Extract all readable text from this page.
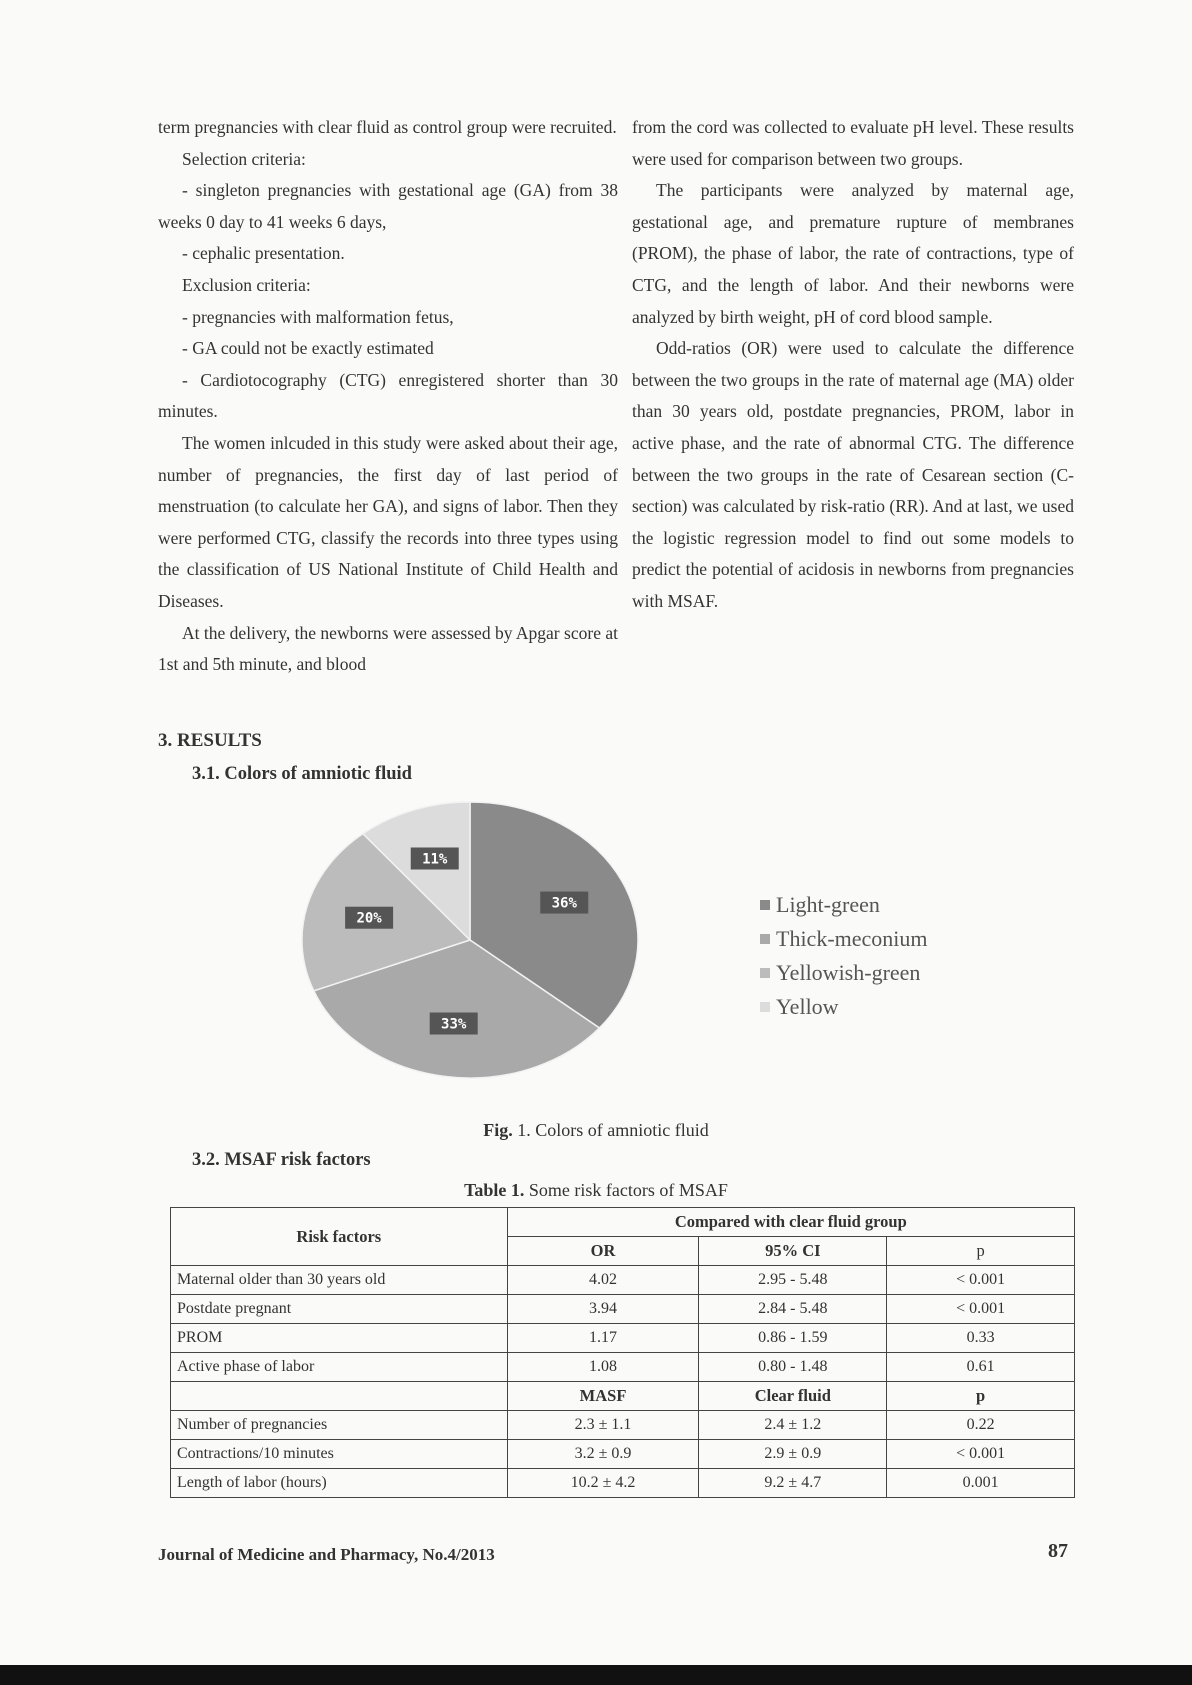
term pregnancies with clear fluid as control group were recruited.

Selection criteria:

- singleton pregnancies with gestational age (GA) from 38 weeks 0 day to 41 weeks 6 days,

- cephalic presentation.

Exclusion criteria:

- pregnancies with malformation fetus,

- GA could not be exactly estimated

- Cardiotocography (CTG) enregistered shorter than 30 minutes.

The women inlcuded in this study were asked about their age, number of pregnancies, the first day of last period of menstruation (to calculate her GA), and signs of labor. Then they were performed CTG, classify the records into three types using the classification of US National Institute of Child Health and Diseases.

At the delivery, the newborns were assessed by Apgar score at 1st and 5th minute, and blood

from the cord was collected to evaluate pH level. These results were used for comparison between two groups.

The participants were analyzed by maternal age, gestational age, and premature rupture of membranes (PROM), the phase of labor, the rate of contractions, type of CTG, and the length of labor. And their newborns were analyzed by birth weight, pH of cord blood sample.

Odd-ratios (OR) were used to calculate the difference between the two groups in the rate of maternal age (MA) older than 30 years old, postdate pregnancies, PROM, labor in active phase, and the rate of abnormal CTG. The difference between the two groups in the rate of Cesarean section (C-section) was calculated by risk-ratio (RR). And at last, we used the logistic regression model to find out some models to predict the potential of acidosis in newborns from pregnancies with MSAF.

3. RESULTS
3.1. Colors of amniotic fluid
36%
33%
20%
11%
Light-green
Thick-meconium
Yellowish-green
Yellow
Fig. 1. Colors of amniotic fluid
3.2. MSAF risk factors
Table 1. Some risk factors of MSAF
Risk factors	Compared with clear fluid group		
	OR	95% CI	p
Maternal older than 30 years old	4.02	2.95 - 5.48	< 0.001
Postdate pregnant	3.94	2.84 - 5.48	< 0.001
PROM	1.17	0.86 - 1.59	0.33
Active phase of labor	1.08	0.80 - 1.48	0.61
	MASF	Clear fluid	p
Number of pregnancies	2.3 ± 1.1	2.4 ± 1.2	0.22
Contractions/10 minutes	3.2 ± 0.9	2.9 ± 0.9	< 0.001
Length of labor (hours)	10.2 ± 4.2	9.2 ± 4.7	0.001
Journal of Medicine and Pharmacy, No.4/2013	87
